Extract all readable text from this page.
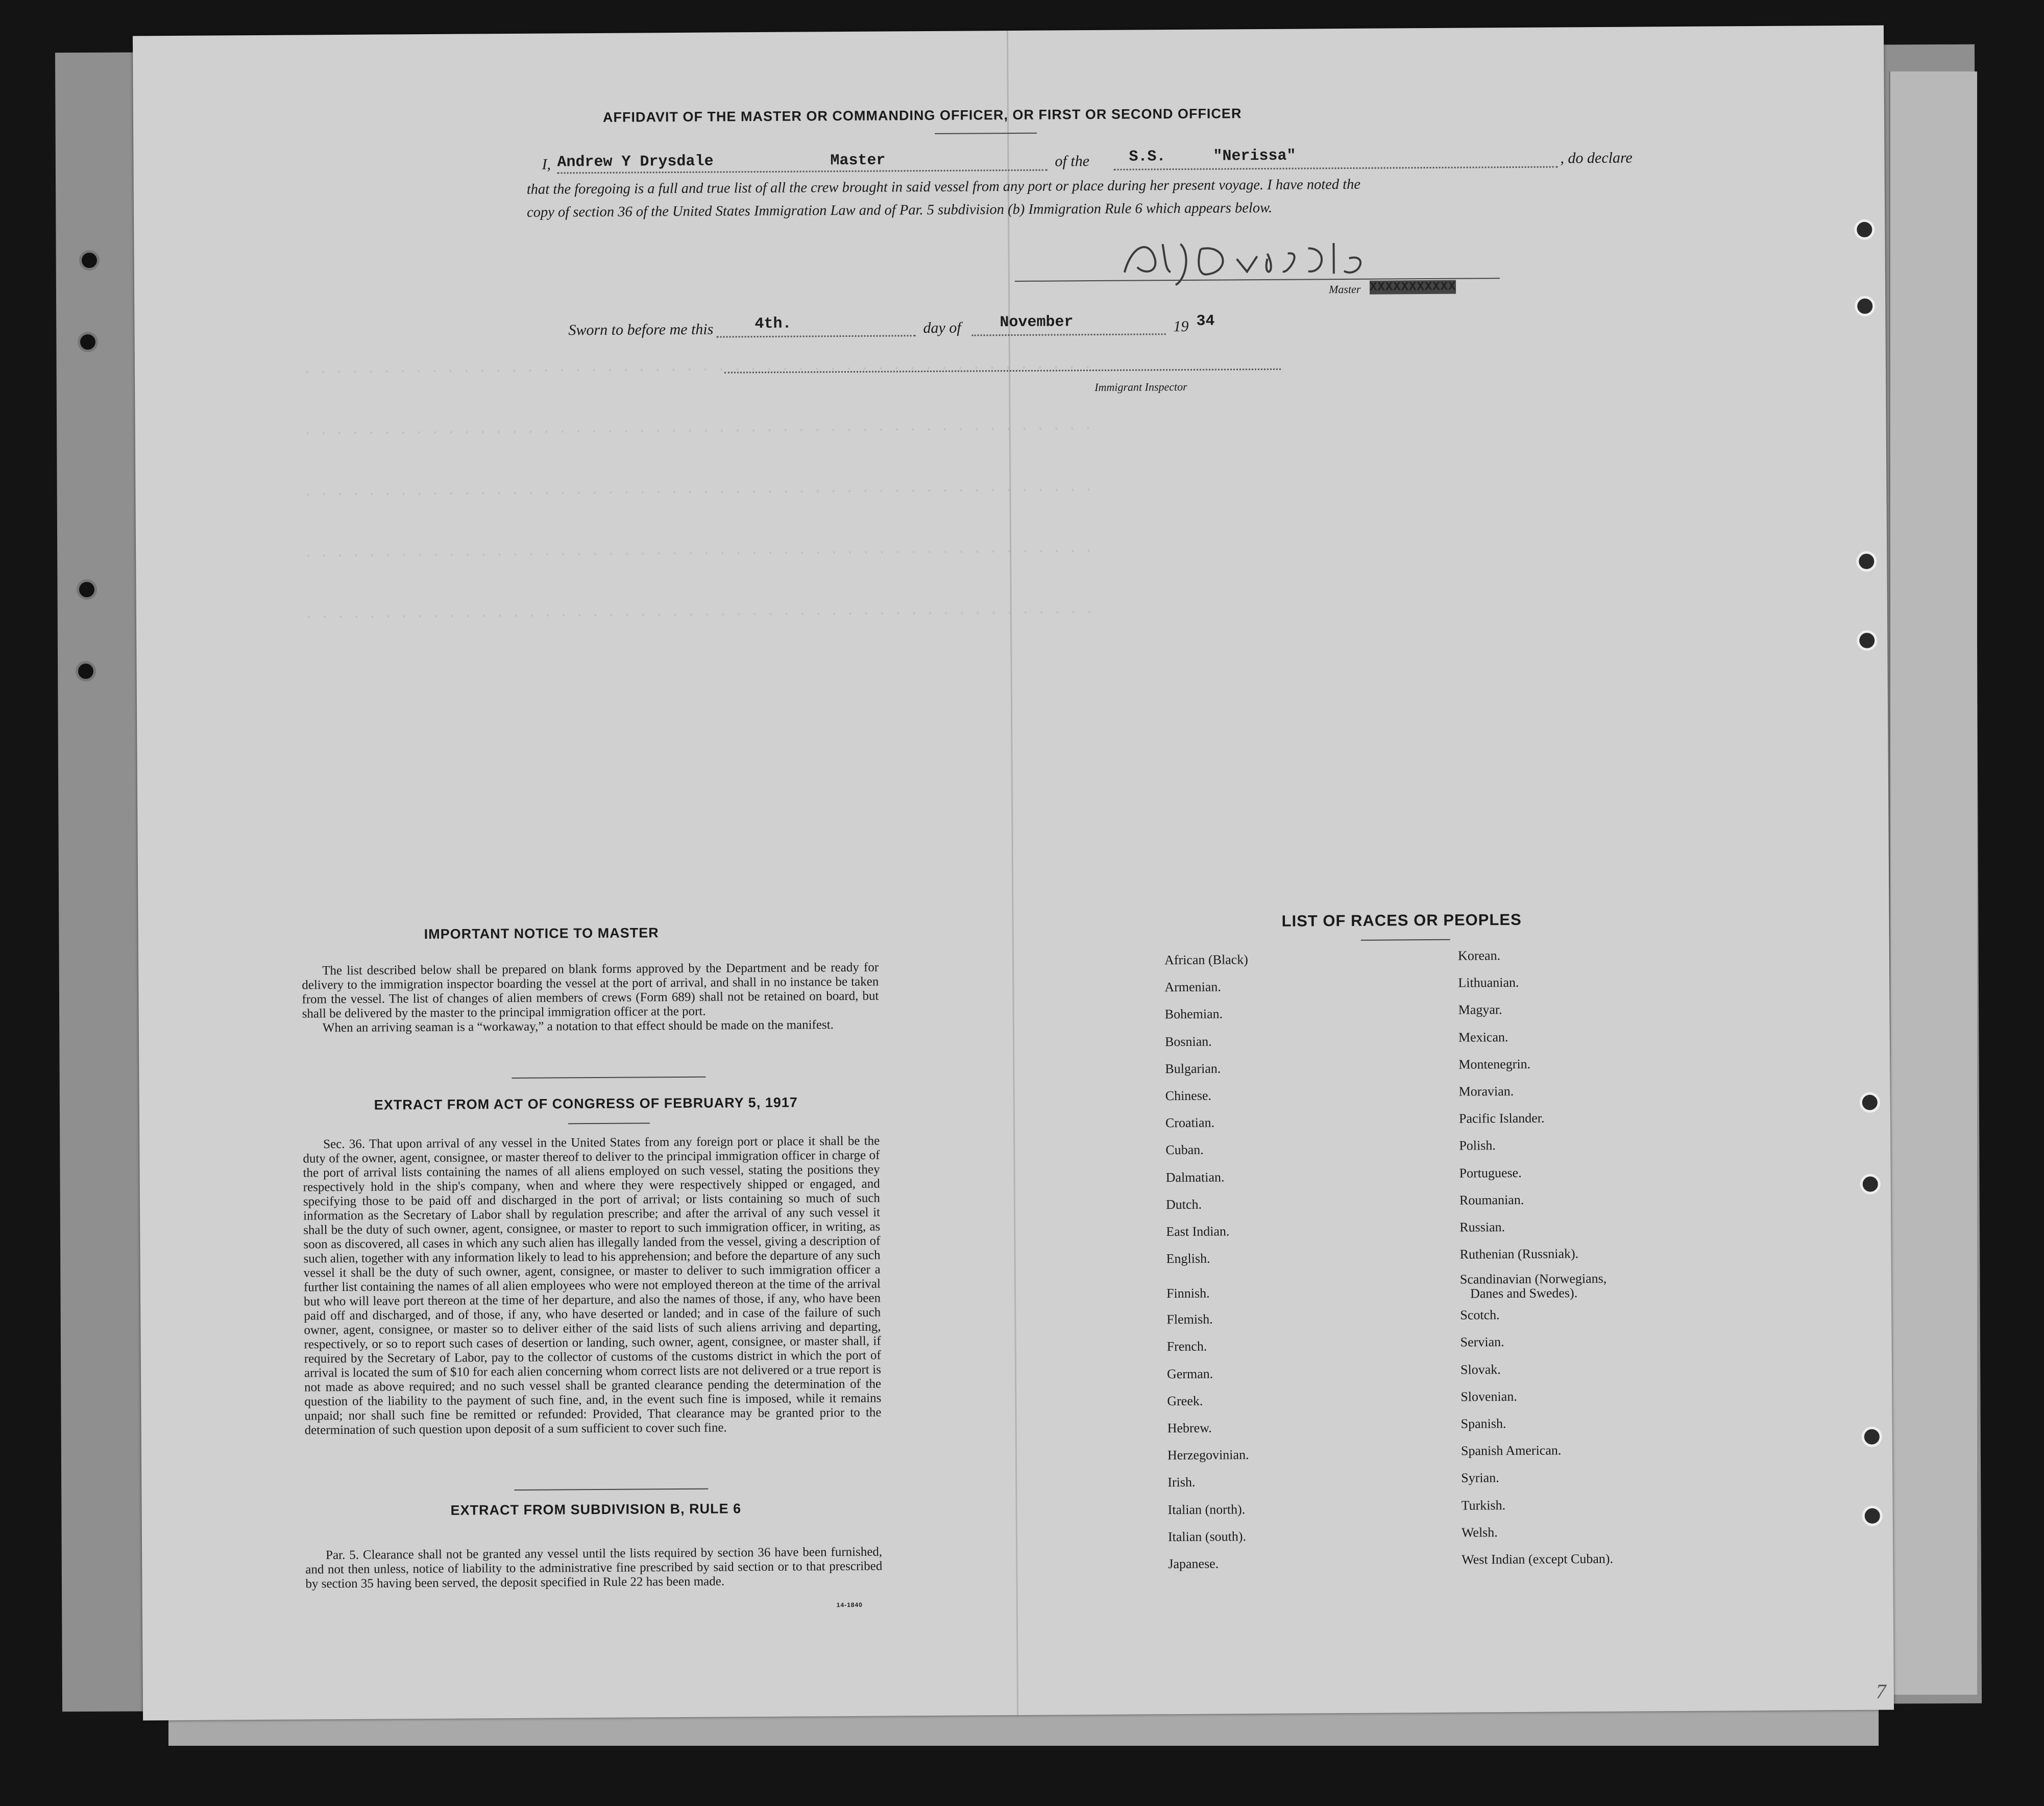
. . . . . . . . . . . . . . . . . . . . . . . . . . . . . . . . . . . . . . . . . . . . . . . . . .
. . . . . . . . . . . . . . . . . . . . . . . . . . . . . . . . . . . . . . . . . . . . . . . . . .
. . . . . . . . . . . . . . . . . . . . . . . . . . . . . . . . . . . . . . . . . . . . . . . . . .
. . . . . . . . . . . . . . . . . . . . . . . . . . . . . . . . . . . . . . . . . . . . . . . . . .
. . . . . . . . . . . . . . . . . . . . . . . . . . . . . . . . . . . . . . . . . . . . . . . . . .
AFFIDAVIT OF THE MASTER OR COMMANDING OFFICER, OR FIRST OR SECOND OFFICER
I, Andrew Y Drysdale	Master	of the	S.S.	"Nerissa"	, do declare
that the foregoing is a full and true list of all the crew brought in said vessel from any port or place during her present voyage. I have noted the
copy of section 36 of the United States Immigration Law and of Par. 5 subdivision (b) Immigration Rule 6 which appears below.
Master XXXXXXXXXXX
Sworn to before me this	4th.	day of	November	19 34
Immigrant Inspector
IMPORTANT NOTICE TO MASTER

The list described below shall be prepared on blank forms approved by the Department and be ready for delivery to the immigration inspector boarding the vessel at the port of arrival, and shall in no instance be taken from the vessel. The list of changes of alien members of crews (Form 689) shall not be retained on board, but shall be delivered by the master to the principal immigration officer at the port.

When an arriving seaman is a “workaway,” a notation to that effect should be made on the manifest.

EXTRACT FROM ACT OF CONGRESS OF FEBRUARY 5, 1917

Sec. 36. That upon arrival of any vessel in the United States from any foreign port or place it shall be the duty of the owner, agent, consignee, or master thereof to deliver to the principal immigration officer in charge of the port of arrival lists containing the names of all aliens employed on such vessel, stating the positions they respectively hold in the ship's company, when and where they were respectively shipped or engaged, and specifying those to be paid off and discharged in the port of arrival; or lists containing so much of such information as the Secretary of Labor shall by regulation prescribe; and after the arrival of any such vessel it shall be the duty of such owner, agent, consignee, or master to report to such immigration officer, in writing, as soon as discovered, all cases in which any such alien has illegally landed from the vessel, giving a description of such alien, together with any information likely to lead to his apprehension; and before the departure of any such vessel it shall be the duty of such owner, agent, consignee, or master to deliver to such immigration officer a further list containing the names of all alien employees who were not employed thereon at the time of the arrival but who will leave port thereon at the time of her departure, and also the names of those, if any, who have been paid off and discharged, and of those, if any, who have deserted or landed; and in case of the failure of such owner, agent, consignee, or master so to deliver either of the said lists of such aliens arriving and departing, respectively, or so to report such cases of desertion or landing, such owner, agent, consignee, or master shall, if required by the Secretary of Labor, pay to the collector of customs of the customs district in which the port of arrival is located the sum of $10 for each alien concerning whom correct lists are not delivered or a true report is not made as above required; and no such vessel shall be granted clearance pending the determination of the question of the liability to the payment of such fine, and, in the event such fine is imposed, while it remains unpaid; nor shall such fine be remitted or refunded: Provided, That clearance may be granted prior to the determination of such question upon deposit of a sum sufficient to cover such fine.

EXTRACT FROM SUBDIVISION B, RULE 6

Par. 5. Clearance shall not be granted any vessel until the lists required by section 36 have been furnished, and not then unless, notice of liability to the administrative fine prescribed by said section or to that prescribed by section 35 having been served, the deposit specified in Rule 22 has been made.

14-1840
LIST OF RACES OR PEOPLES
African (Black)
Armenian.
Bohemian.
Bosnian.
Bulgarian.
Chinese.
Croatian.
Cuban.
Dalmatian.
Dutch.
East Indian.
English.
Finnish.
Flemish.
French.
German.
Greek.
Hebrew.
Herzegovinian.
Irish.
Italian (north).
Italian (south).
Japanese.
Korean.
Lithuanian.
Magyar.
Mexican.
Montenegrin.
Moravian.
Pacific Islander.
Polish.
Portuguese.
Roumanian.
Russian.
Ruthenian (Russniak).
Scandinavian (Norwegians,
Danes and Swedes).
Scotch.
Servian.
Slovak.
Slovenian.
Spanish.
Spanish American.
Syrian.
Turkish.
Welsh.
West Indian (except Cuban).
7
